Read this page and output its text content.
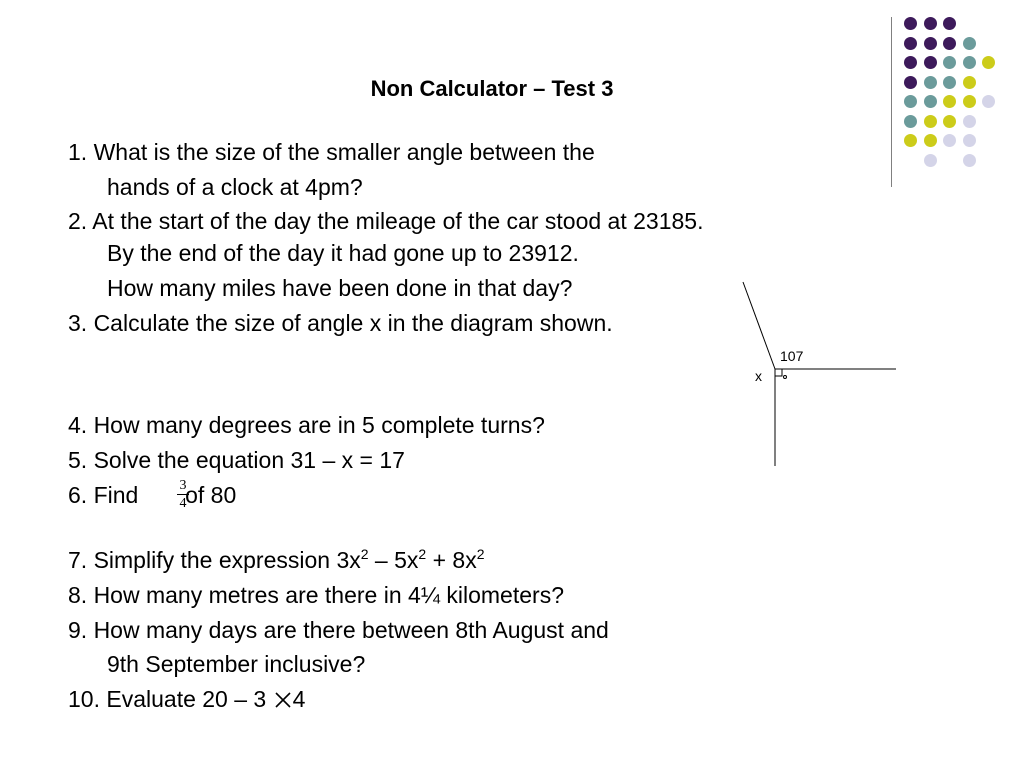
Non Calculator – Test 3
1. What is the size of the smaller angle between the
hands of a clock at 4pm?
2. At the start of the day the mileage of the car stood at 23185.
By the end of the day it had gone up to 23912.
How many miles have been done in that day?
3. Calculate the size of angle x in the diagram shown.
4. How many degrees are in 5 complete turns?
5. Solve the equation 31 – x = 17
6. Find of 80
3
4
7. Simplify the expression $3x^2 - 5x^2 + 8x^2$
8. How many metres are there in 4¼ kilometers?
9. How many days are there between 8th August and
9th September inclusive?
10. Evaluate 20 – 3 4
107
x
